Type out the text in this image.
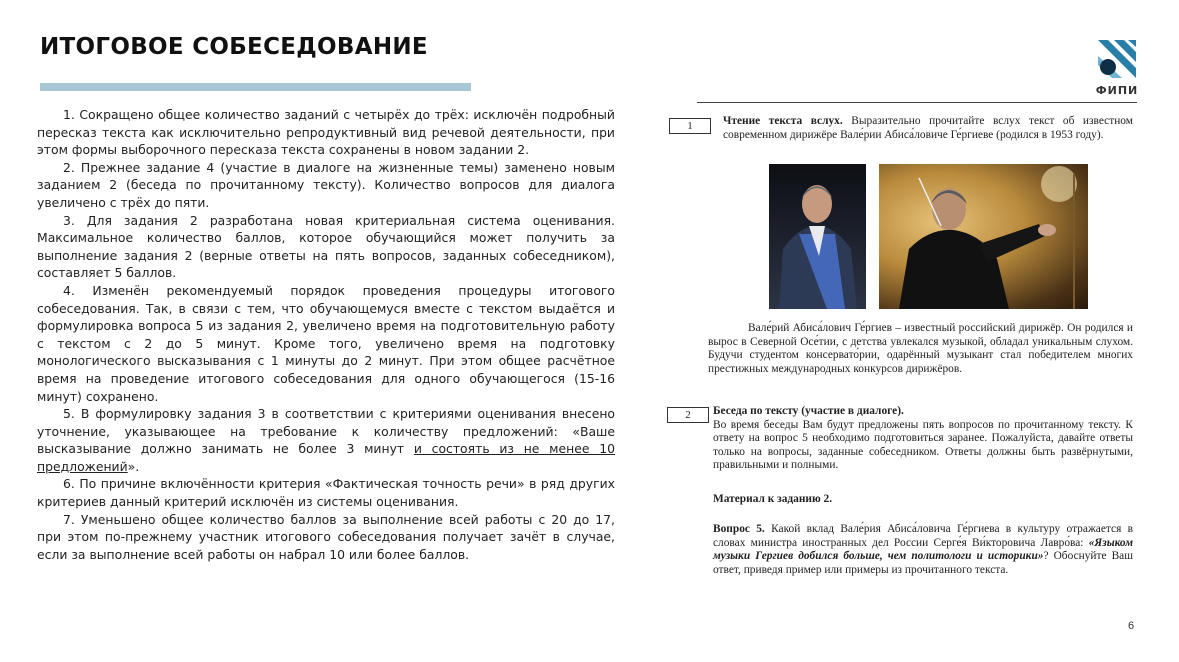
ИТОГОВОЕ СОБЕСЕДОВАНИЕ
ФИПИ

1. Сокращено общее количество заданий с четырёх до трёх: исключён подробный пересказ текста как исключительно репродуктивный вид речевой деятельности, при этом формы выборочного пересказа текста сохранены в новом задании 2.

2. Прежнее задание 4 (участие в диалоге на жизненные темы) заменено новым заданием 2 (беседа по прочитанному тексту). Количество вопросов для диалога увеличено с трёх до пяти.

3. Для задания 2 разработана новая критериальная система оценивания. Максимальное количество баллов, которое обучающийся может получить за выполнение задания 2 (верные ответы на пять вопросов, заданных собеседником), составляет 5 баллов.

4. Изменён рекомендуемый порядок проведения процедуры итогового собеседования. Так, в связи с тем, что обучающемуся вместе с текстом выдаётся и формулировка вопроса 5 из задания 2, увеличено время на подготовительную работу с текстом с 2 до 5 минут. Кроме того, увеличено время на подготовку монологического высказывания с 1 минуты до 2 минут. При этом общее расчётное время на проведение итогового собеседования для одного обучающегося (15-16 минут) сохранено.

5. В формулировку задания 3 в соответствии с критериями оценивания внесено уточнение, указывающее на требование к количеству предложений: «Ваше высказывание должно занимать не более 3 минут и состоять из не менее 10 предложений».

6. По причине включённости критерия «Фактическая точность речи» в ряд других критериев данный критерий исключён из системы оценивания.

7. Уменьшено общее количество баллов за выполнение всей работы с 20 до 17, при этом по-прежнему участник итогового собеседования получает зачёт в случае, если за выполнение всей работы он набрал 10 или более баллов.

1	Чтение текста вслух. Выразительно прочитайте вслух текст об известном современном дирижёре Вале́рии Абиса́ловиче Ге́ргиеве (родился в 1953 году).
Вале́рий Абиса́лович Ге́ргиев – известный российский дирижёр. Он родился и вырос в Северной Осе́тии, с детства увлекался музыкой, обладал уникальным слухом. Будучи студентом консервато́рии, одарённый музыкант стал победителем многих престижных международных конкурсов дирижёров.
2	Беседа по тексту (участие в диалоге).
Во время беседы Вам будут предложены пять вопросов по прочитанному тексту. К ответу на вопрос 5 необходимо подготовиться заранее. Пожалуйста, давайте ответы только на вопросы, заданные собеседником. Ответы должны быть развёрнутыми, правильными и полными.
Материал к заданию 2.
Вопрос 5. Какой вклад Вале́рия Абиса́ловича Ге́ргиева в культуру отражается в словах министра иностранных дел России Серге́я Ви́кторовича Лавро́ва: «Языком музыки Гергиев добился больше, чем политологи и историки»? Обоснуйте Ваш ответ, приведя пример или примеры из прочитанного текста.
6
